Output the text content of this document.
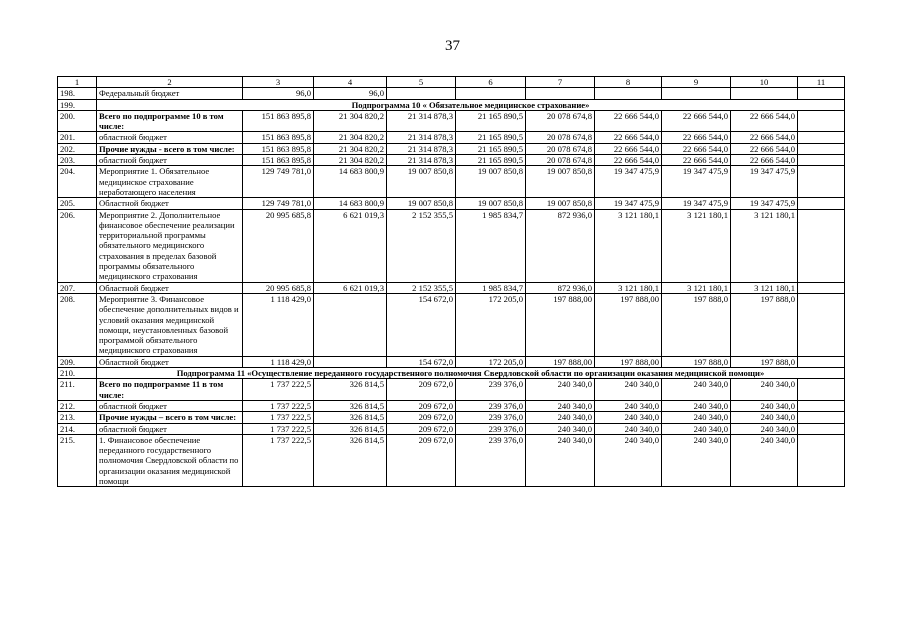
37
1	2	3	4	5	6	7	8	9	10	11	
198.	Федеральный бюджет	96,0	96,0								
199.	Подпрограмма 10 « Обязательное медицинское страхование»										
200.	Всего по подпрограмме 10 в том числе:	151 863 895,8	21 304 820,2	21 314 878,3	21 165 890,5	20 078 674,8	22 666 544,0	22 666 544,0	22 666 544,0		
201.	областной бюджет	151 863 895,8	21 304 820,2	21 314 878,3	21 165 890,5	20 078 674,8	22 666 544,0	22 666 544,0	22 666 544,0		
202.	Прочие нужды - всего в том числе:	151 863 895,8	21 304 820,2	21 314 878,3	21 165 890,5	20 078 674,8	22 666 544,0	22 666 544,0	22 666 544,0		
203.	областной бюджет	151 863 895,8	21 304 820,2	21 314 878,3	21 165 890,5	20 078 674,8	22 666 544,0	22 666 544,0	22 666 544,0		
204.	Мероприятие 1. Обязательное медицинское страхование неработающего населения	129 749 781,0	14 683 800,9	19 007 850,8	19 007 850,8	19 007 850,8	19 347 475,9	19 347 475,9	19 347 475,9		
205.	Областной бюджет	129 749 781,0	14 683 800,9	19 007 850,8	19 007 850,8	19 007 850,8	19 347 475,9	19 347 475,9	19 347 475,9		
206.	Мероприятие 2. Дополнительное финансовое обеспечение реализации территориальной программы обязательного медицинского страхования в пределах базовой программы обязательного медицинского страхования	20 995 685,8	6 621 019,3	2 152 355,5	1 985 834,7	872 936,0	3 121 180,1	3 121 180,1	3 121 180,1		
207.	Областной бюджет	20 995 685,8	6 621 019,3	2 152 355,5	1 985 834,7	872 936,0	3 121 180,1	3 121 180,1	3 121 180,1		
208.	Мероприятие 3. Финансовое обеспечение дополнительных видов и условий оказания медицинской помощи, неустановленных базовой программой обязательного медицинского страхования	1 118 429,0		154 672,0	172 205,0	197 888,00	197 888,00	197 888,0	197 888,0		
209.	Областной бюджет	1 118 429,0		154 672,0	172 205,0	197 888,00	197 888,00	197 888,0	197 888,0		
210.	Подпрограмма 11 «Осуществление переданного государственного полномочия Свердловской области по организации оказания медицинской помощи»										
211.	Всего по подпрограмме 11 в том числе:	1 737 222,5	326 814,5	209 672,0	239 376,0	240 340,0	240 340,0	240 340,0	240 340,0		
212.	областной бюджет	1 737 222,5	326 814,5	209 672,0	239 376,0	240 340,0	240 340,0	240 340,0	240 340,0		
213.	Прочие нужды – всего в том числе:	1 737 222,5	326 814,5	209 672,0	239 376,0	240 340,0	240 340,0	240 340,0	240 340,0		
214.	областной бюджет	1 737 222,5	326 814,5	209 672,0	239 376,0	240 340,0	240 340,0	240 340,0	240 340,0		
215.	1. Финансовое обеспечение переданного государственного полномочия Свердловской области по организации оказания медицинской помощи	1 737 222,5	326 814,5	209 672,0	239 376,0	240 340,0	240 340,0	240 340,0	240 340,0		
